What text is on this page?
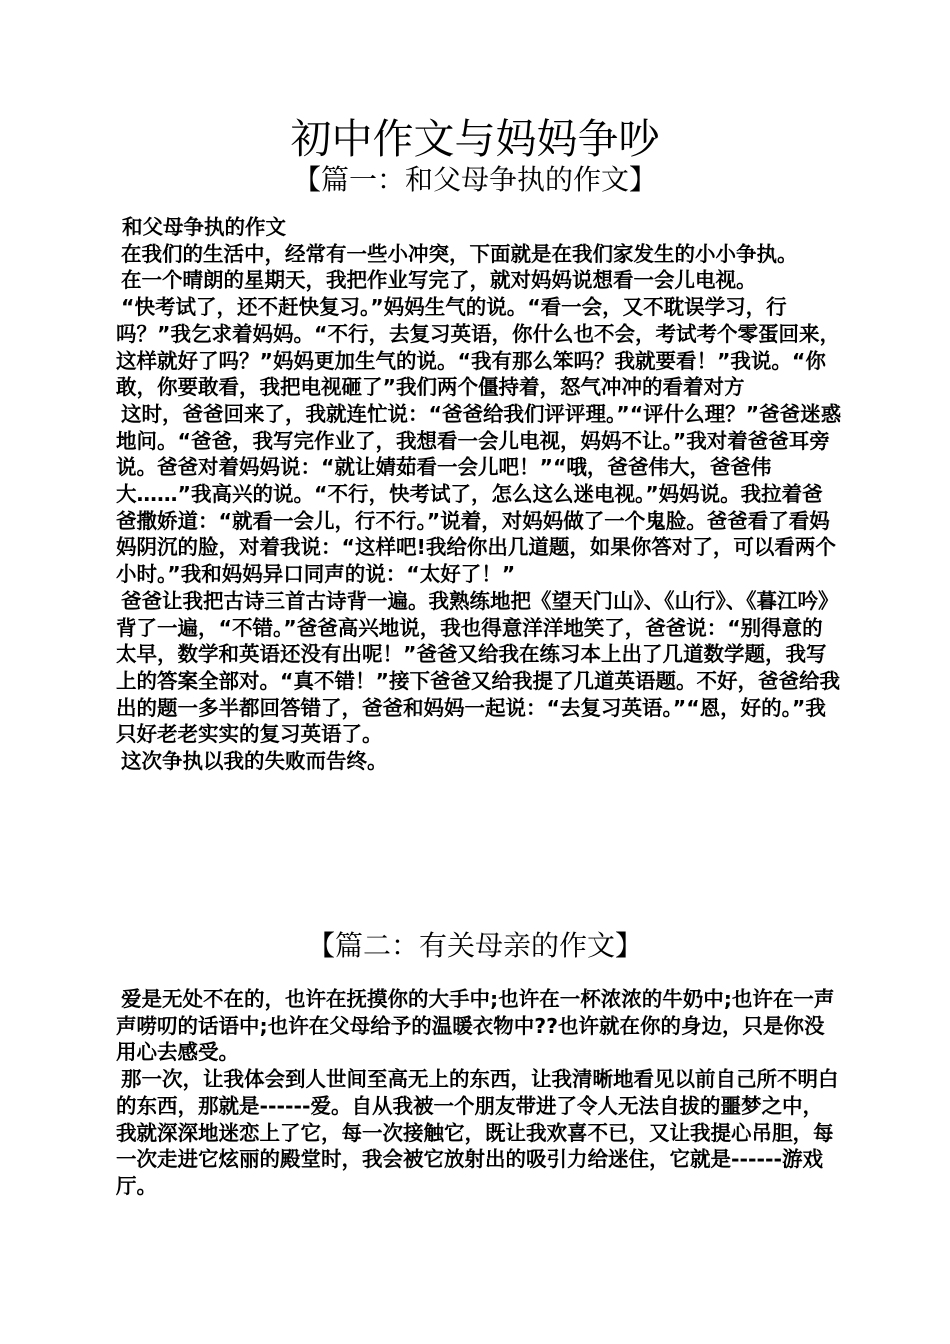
初中作文与妈妈争吵
【篇一：和父母争执的作文】

和父母争执的作文

在我们的生活中，经常有一些小冲突，下面就是在我们家发生的小小争执。

在一个晴朗的星期天，我把作业写完了，就对妈妈说想看一会儿电视。

“快考试了，还不赶快复习。”妈妈生气的说。“看一会，又不耽误学习，行吗？”我乞求着妈妈。“不行，去复习英语，你什么也不会，考试考个零蛋回来，这样就好了吗？”妈妈更加生气的说。“我有那么笨吗？我就要看！”我说。“你敢，你要敢看，我把电视砸了”我们两个僵持着，怒气冲冲的看着对方

这时，爸爸回来了，我就连忙说：“爸爸给我们评评理。”“评什么理？”爸爸迷惑地问。“爸爸，我写完作业了，我想看一会儿电视，妈妈不让。”我对着爸爸耳旁说。爸爸对着妈妈说：“就让婧茹看一会儿吧！”“哦，爸爸伟大，爸爸伟大……”我高兴的说。“不行，快考试了，怎么这么迷电视。”妈妈说。我拉着爸爸撒娇道：“就看一会儿，行不行。”说着，对妈妈做了一个鬼脸。爸爸看了看妈妈阴沉的脸，对着我说：“这样吧!我给你出几道题，如果你答对了，可以看两个小时。”我和妈妈异口同声的说：“太好了！”

爸爸让我把古诗三首古诗背一遍。我熟练地把《望天门山》、《山行》、《暮江吟》背了一遍，“不错。”爸爸高兴地说，我也得意洋洋地笑了，爸爸说：“别得意的太早，数学和英语还没有出呢！”爸爸又给我在练习本上出了几道数学题，我写上的答案全部对。“真不错！”接下爸爸又给我提了几道英语题。不好，爸爸给我出的题一多半都回答错了，爸爸和妈妈一起说：“去复习英语。”“恩，好的。”我只好老老实实的复习英语了。

这次争执以我的失败而告终。

【篇二：有关母亲的作文】

爱是无处不在的，也许在抚摸你的大手中;也许在一杯浓浓的牛奶中;也许在一声声唠叨的话语中;也许在父母给予的温暖衣物中??也许就在你的身边，只是你没用心去感受。

那一次，让我体会到人世间至高无上的东西，让我清晰地看见以前自己所不明白的东西，那就是------爱。自从我被一个朋友带进了令人无法自拔的噩梦之中，我就深深地迷恋上了它，每一次接触它，既让我欢喜不已，又让我提心吊胆，每一次走进它炫丽的殿堂时，我会被它放射出的吸引力给迷住，它就是------游戏厅。
